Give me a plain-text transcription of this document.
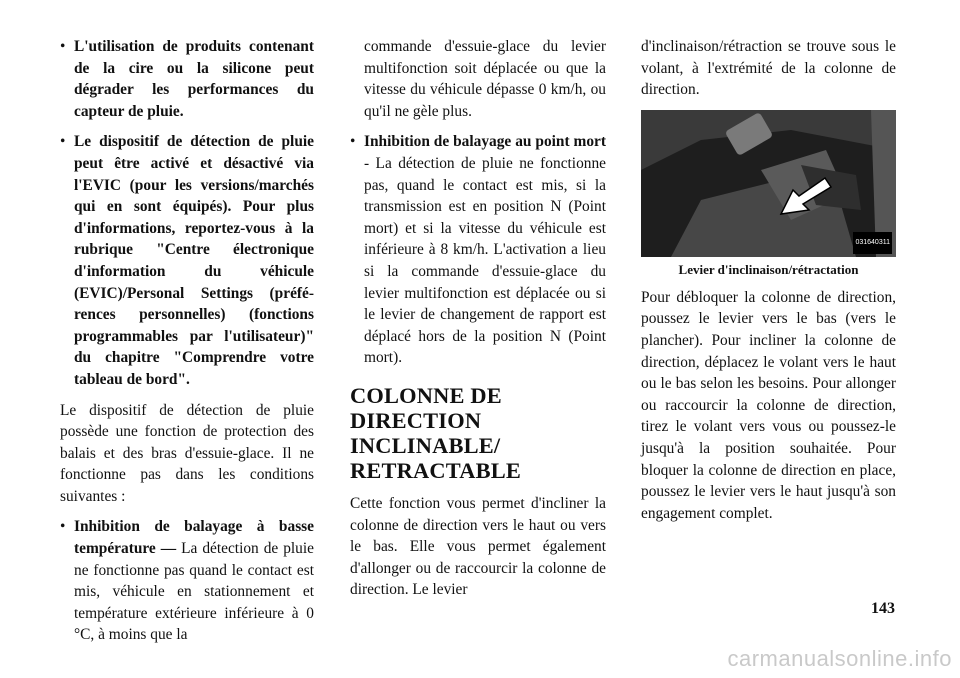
• L'utilisation de produits contenant de la cire ou la silicone peut dégrader les performances du capteur de pluie.
• Le dispositif de détection de pluie peut être activé et désactivé via l'EVIC (pour les versions/marchés qui en sont équipés). Pour plus d'informations, reportez-vous à la rubrique "Centre électronique d'information du véhicule (EVIC)/Personal Settings (préférences personnelles) (fonctions programmables par l'utilisateur)" du chapitre "Comprendre votre tableau de bord".

Le dispositif de détection de pluie possède une fonction de protection des balais et des bras d'essuie-glace. Il ne fonctionne pas dans les conditions suivantes :

• Inhibition de balayage à basse température — La détection de pluie ne fonctionne pas quand le contact est mis, véhicule en stationnement et température extérieure inférieure à 0 °C, à moins que la
commande d'essuie-glace du levier multifonction soit déplacée ou que la vitesse du véhicule dépasse 0 km/h, ou qu'il ne gèle plus.
• Inhibition de balayage au point mort - La détection de pluie ne fonctionne pas, quand le contact est mis, si la transmission est en position N (Point mort) et si la vitesse du véhicule est inférieure à 8 km/h. L'activation a lieu si la commande d'essuie-glace du levier multifonction est déplacée ou si le levier de changement de rapport est déplacé hors de la position N (Point mort).
COLONNE DE DIRECTION INCLINABLE/ RETRACTABLE

Cette fonction vous permet d'incliner la colonne de direction vers le haut ou vers le bas. Elle vous permet également d'allonger ou de raccourcir la colonne de direction. Le levier

d'inclinaison/rétraction se trouve sous le volant, à l'extrémité de la colonne de direction.

031640311
Levier d'inclinaison/rétractation

Pour débloquer la colonne de direction, poussez le levier vers le bas (vers le plancher). Pour incliner la colonne de direction, déplacez le volant vers le haut ou le bas selon les besoins. Pour allonger ou raccourcir la colonne de direction, tirez le volant vers vous ou poussez-le jusqu'à la position souhaitée. Pour bloquer la colonne de direction en place, poussez le levier vers le haut jusqu'à son engagement complet.

143
carmanualsonline.info
